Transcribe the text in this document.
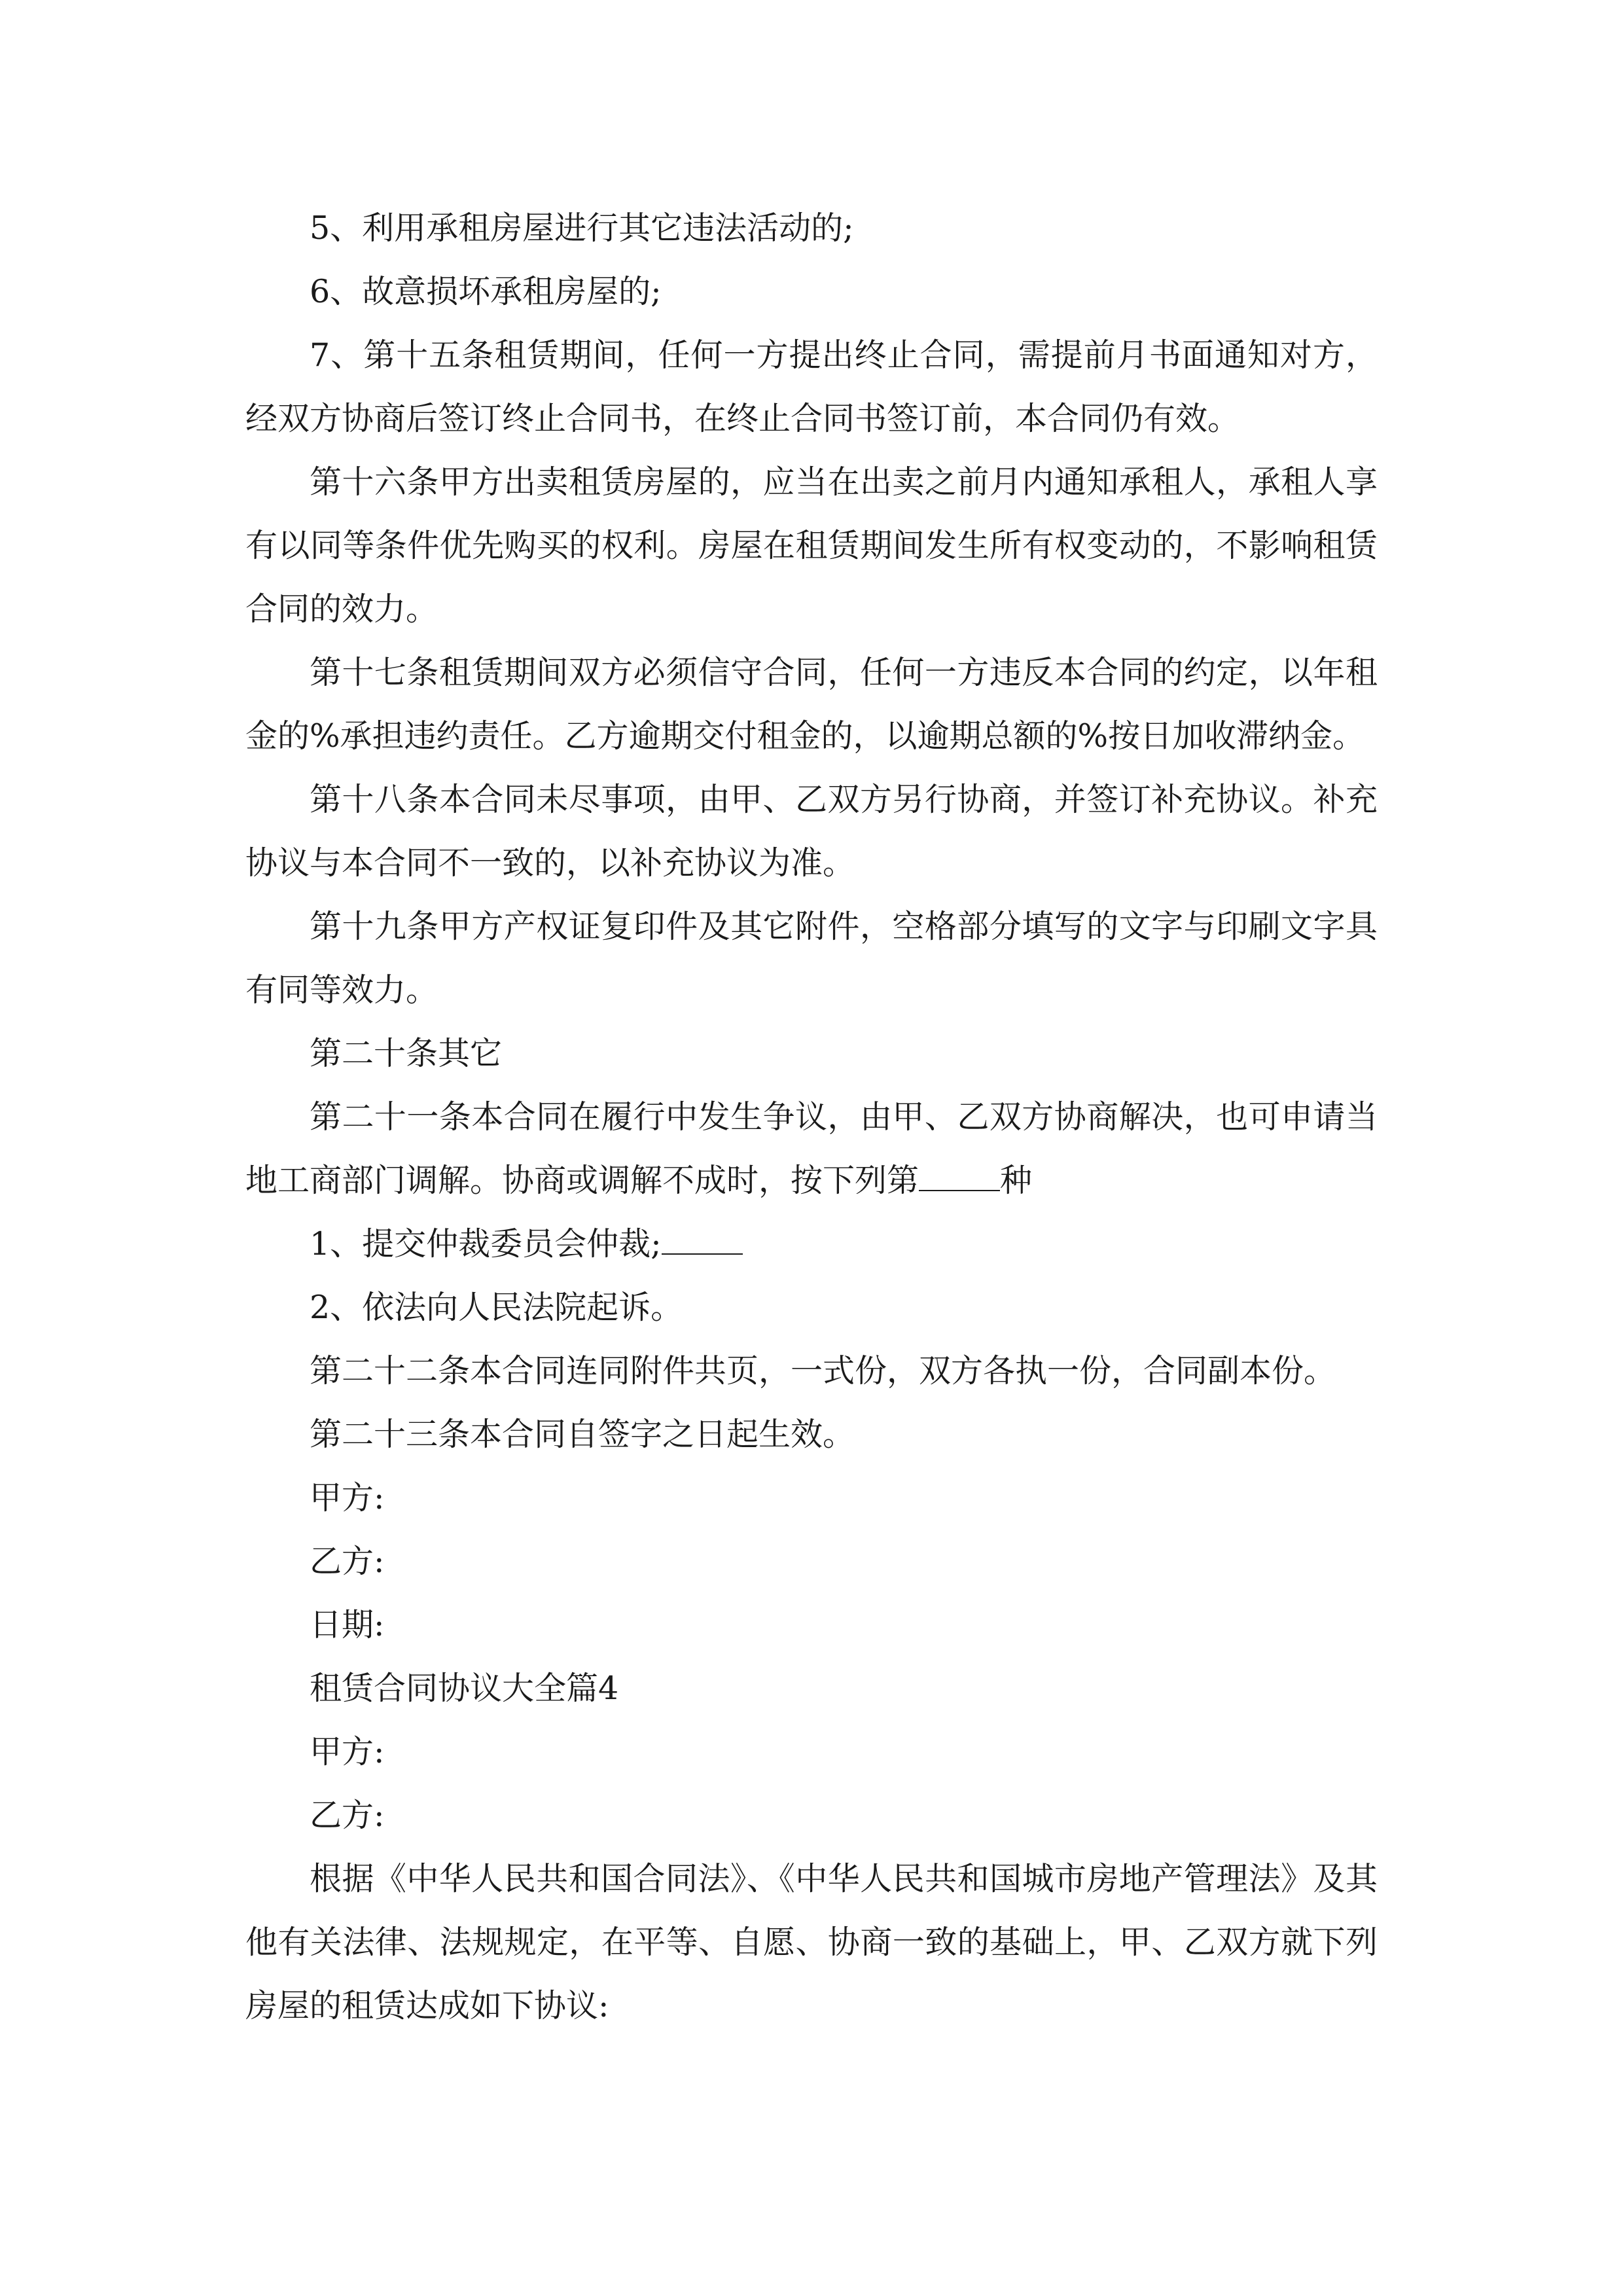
5、利用承租房屋进行其它违法活动的;

6、故意损坏承租房屋的;

7、第十五条租赁期间，任何一方提出终止合同，需提前月书面通知对方，经双方协商后签订终止合同书，在终止合同书签订前，本合同仍有效。

第十六条甲方出卖租赁房屋的，应当在出卖之前月内通知承租人，承租人享有以同等条件优先购买的权利。房屋在租赁期间发生所有权变动的，不影响租赁合同的效力。

第十七条租赁期间双方必须信守合同，任何一方违反本合同的约定，以年租金的%承担违约责任。乙方逾期交付租金的，以逾期总额的%按日加收滞纳金。

第十八条本合同未尽事项，由甲、乙双方另行协商，并签订补充协议。补充协议与本合同不一致的，以补充协议为准。

第十九条甲方产权证复印件及其它附件，空格部分填写的文字与印刷文字具有同等效力。

第二十条其它

第二十一条本合同在履行中发生争议，由甲、乙双方协商解决，也可申请当地工商部门调解。协商或调解不成时，按下列第	种

1、提交仲裁委员会仲裁;

2、依法向人民法院起诉。

第二十二条本合同连同附件共页，一式份，双方各执一份，合同副本份。

第二十三条本合同自签字之日起生效。

甲方:

乙方:

日期:

租赁合同协议大全篇4

甲方:

乙方:

根据《中华人民共和国合同法》、《中华人民共和国城市房地产管理法》及其他有关法律、法规规定，在平等、自愿、协商一致的基础上，甲、乙双方就下列房屋的租赁达成如下协议:
